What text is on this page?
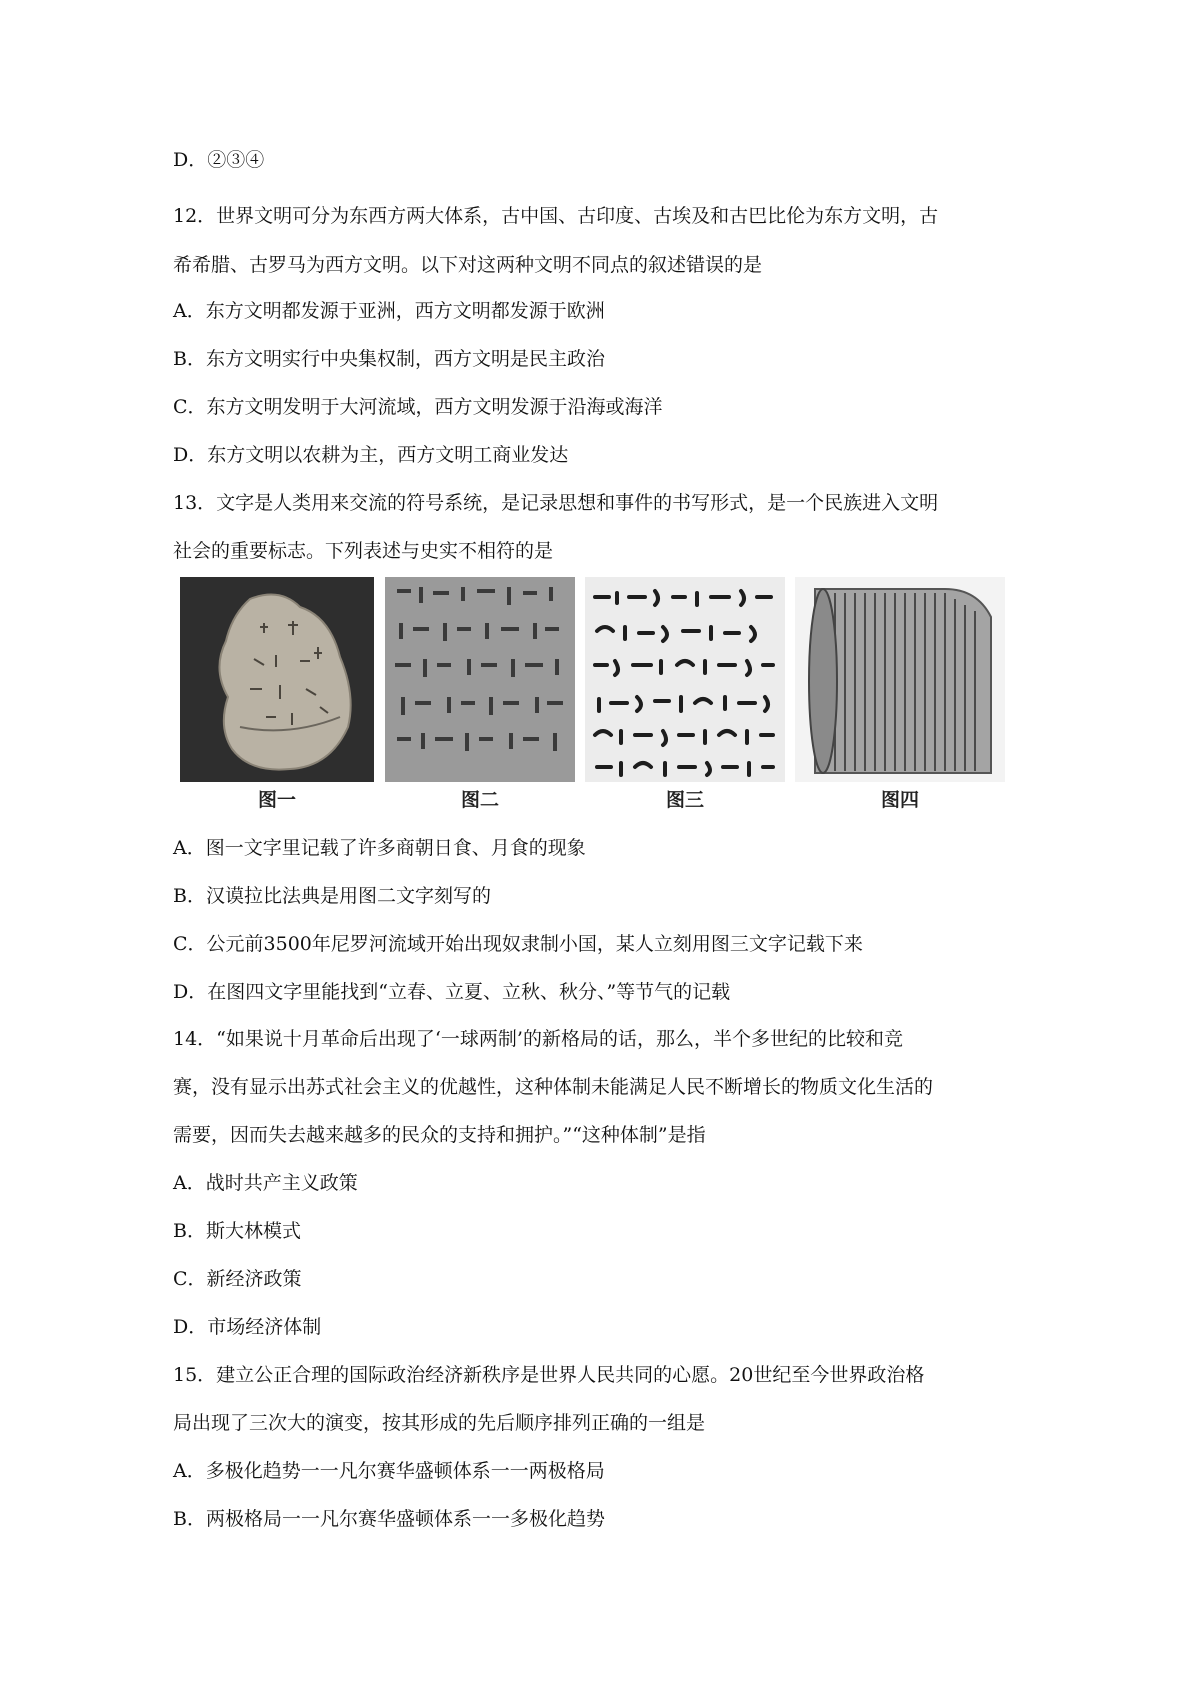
D．②③④
12．世界文明可分为东西方两大体系，古中国、古印度、古埃及和古巴比伦为东方文明，古
希希腊、古罗马为西方文明。以下对这两种文明不同点的叙述错误的是
A．东方文明都发源于亚洲，西方文明都发源于欧洲
B．东方文明实行中央集权制，西方文明是民主政治
C．东方文明发明于大河流域，西方文明发源于沿海或海洋
D．东方文明以农耕为主，西方文明工商业发达
13．文字是人类用来交流的符号系统，是记录思想和事件的书写形式，是一个民族进入文明
社会的重要标志。下列表述与史实不相符的是
图一	图二	图三	图四
A．图一文字里记载了许多商朝日食、月食的现象
B．汉谟拉比法典是用图二文字刻写的
C．公元前3500年尼罗河流域开始出现奴隶制小国，某人立刻用图三文字记载下来
D．在图四文字里能找到“立春、立夏、立秋、秋分、”等节气的记载
14．“如果说十月革命后出现了‘一球两制’的新格局的话，那么，半个多世纪的比较和竞
赛，没有显示出苏式社会主义的优越性，这种体制未能满足人民不断增长的物质文化生活的
需要，因而失去越来越多的民众的支持和拥护。”“这种体制”是指
A．战时共产主义政策
B．斯大林模式
C．新经济政策
D．市场经济体制
15．建立公正合理的国际政治经济新秩序是世界人民共同的心愿。20世纪至今世界政治格
局出现了三次大的演变，按其形成的先后顺序排列正确的一组是
A．多极化趋势一一凡尔赛华盛顿体系一一两极格局
B．两极格局一一凡尔赛华盛顿体系一一多极化趋势
